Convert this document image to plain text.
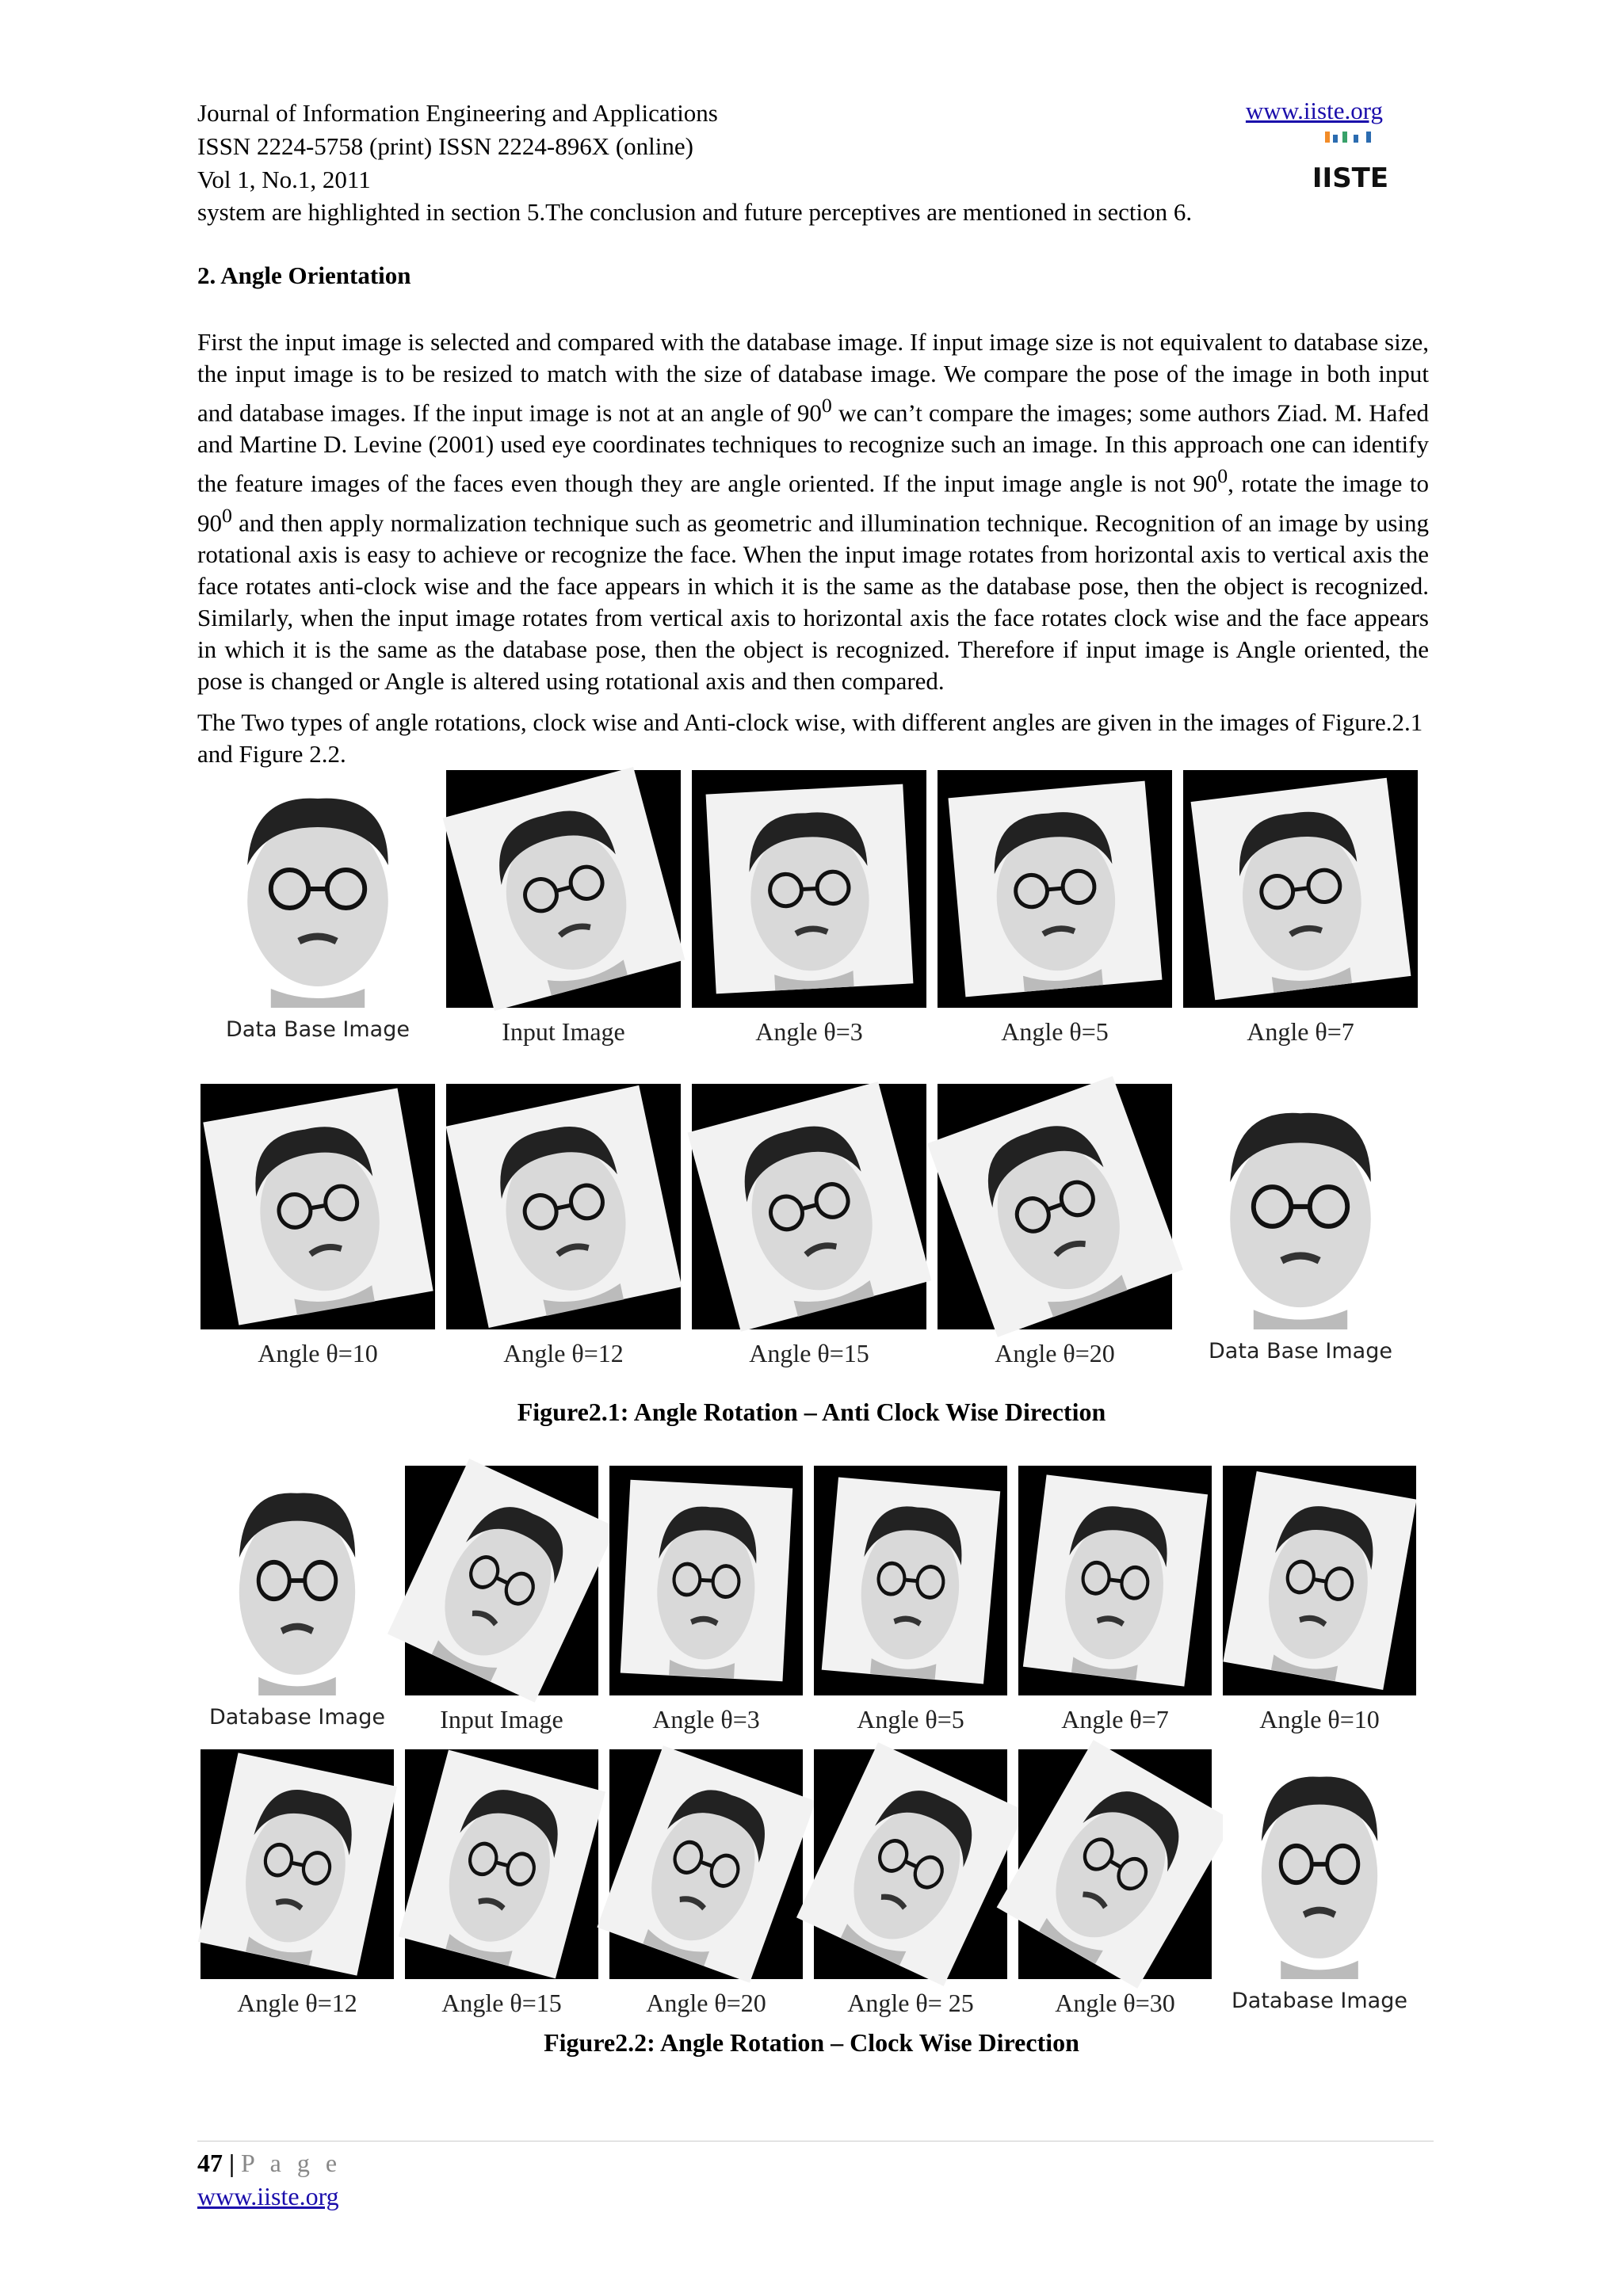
Journal of Information Engineering and Applications	www.iiste.org
ISSN 2224-5758 (print) ISSN 2224-896X (online)
Vol 1, No.1, 2011	IISTE
system are highlighted in section 5.The conclusion and future perceptives are mentioned in section 6.
2. Angle Orientation
First the input image is selected and compared with the database image. If input image size is not equivalent to database size, the input image is to be resized to match with the size of database image. We compare the pose of the image in both input and database images. If the input image is not at an angle of $90^0$ we can’t compare the images; some authors Ziad. M. Hafed and Martine D. Levine (2001) used eye coordinates techniques to recognize such an image. In this approach one can identify the feature images of the faces even though they are angle oriented. If the input image angle is not $90^0$, rotate the image to $90^0$ and then apply normalization technique such as geometric and illumination technique. Recognition of an image by using rotational axis is easy to achieve or recognize the face. When the input image rotates from horizontal axis to vertical axis the face rotates anti-clock wise and the face appears in which it is the same as the database pose, then the object is recognized. Similarly, when the input image rotates from vertical axis to horizontal axis the face rotates clock wise and the face appears in which it is the same as the database pose, then the object is recognized. Therefore if input image is Angle oriented, the pose is changed or Angle is altered using rotational axis and then compared.
The Two types of angle rotations, clock wise and Anti-clock wise, with different angles are given in the images of Figure.2.1 and Figure 2.2.
Data Base Image	Input Image	Angle θ=3	Angle θ=5	Angle θ=7
Angle θ=10	Angle θ=12	Angle θ=15	Angle θ=20	Data Base Image
Figure2.1: Angle Rotation – Anti Clock Wise Direction
Database Image	Input Image	Angle θ=3	Angle θ=5	Angle θ=7	Angle θ=10
Angle θ=12	Angle θ=15	Angle θ=20	Angle θ= 25	Angle θ=30	Database Image
Figure2.2: Angle Rotation – Clock Wise Direction
47 | P a g e
www.iiste.org
